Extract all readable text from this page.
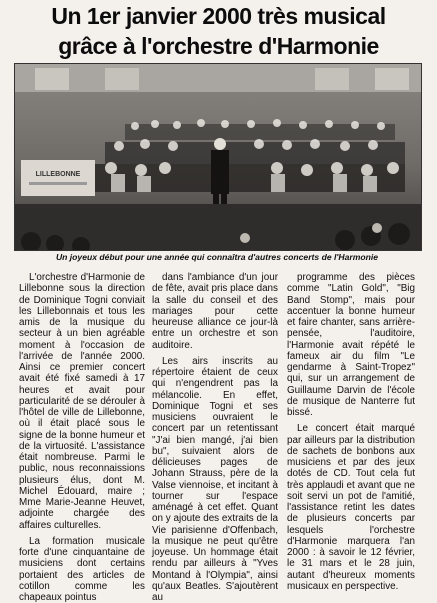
Un 1er janvier 2000 très musical
grâce à l'orchestre d'Harmonie
LILLEBONNE
Un joyeux début pour une année qui connaîtra d'autres concerts de l'Harmonie

L'orchestre d'Harmonie de Lillebonne sous la direction de Dominique Togni conviait les Lillebonnais et tous les amis de la musique du secteur à un bien agréable moment à l'occasion de l'arrivée de l'année 2000. Ainsi ce premier concert avait été fixé samedi à 17 heures et avait pour particularité de se dérouler à l'hôtel de ville de Lillebonne, où il était placé sous le signe de la bonne humeur et de la virtuosité. L'assistance était nombreuse. Parmi le public, nous reconnaissions plusieurs élus, dont M. Michel Édouard, maire ; Mme Marie-Jeanne Heuvet, adjointe chargée des affaires culturelles.

La formation musicale forte d'une cinquantaine de musiciens dont certains portaient des articles de cotillon comme les chapeaux pointus

dans l'ambiance d'un jour de fête, avait pris place dans la salle du conseil et des mariages pour cette heureuse alliance ce jour-là entre un orchestre et son auditoire.

Les airs inscrits au répertoire étaient de ceux qui n'engendrent pas la mélancolie. En effet, Dominique Togni et ses musiciens ouvraient le concert par un retentissant "J'ai bien mangé, j'ai bien bu", suivaient alors de délicieuses pages de Johann Strauss, père de la Valse viennoise, et incitant à tourner sur l'espace aménagé à cet effet. Quant on y ajoute des extraits de la Vie parisienne d'Offenbach, la musique ne peut qu'être joyeuse. Un hommage était rendu par ailleurs à "Yves Montand à l'Olympia", ainsi qu'aux Beatles. S'ajoutèrent au

programme des pièces comme "Latin Gold", "Big Band Stomp", mais pour accentuer la bonne humeur et faire chanter, sans arrière-pensée, l'auditoire, l'Harmonie avait répété le fameux air du film "Le gendarme à Saint-Tropez" qui, sur un arrangement de Guillaume Darvin de l'école de musique de Nanterre fut bissé.

Le concert était marqué par ailleurs par la distribution de sachets de bonbons aux musiciens et par des jeux dotés de CD. Tout cela fut très applaudi et avant que ne soit servi un pot de l'amitié, l'assistance retint les dates de plusieurs concerts par lesquels l'orchestre d'Harmonie marquera l'an 2000 : à savoir le 12 février, le 31 mars et le 28 juin, autant d'heureux moments musicaux en perspective.
